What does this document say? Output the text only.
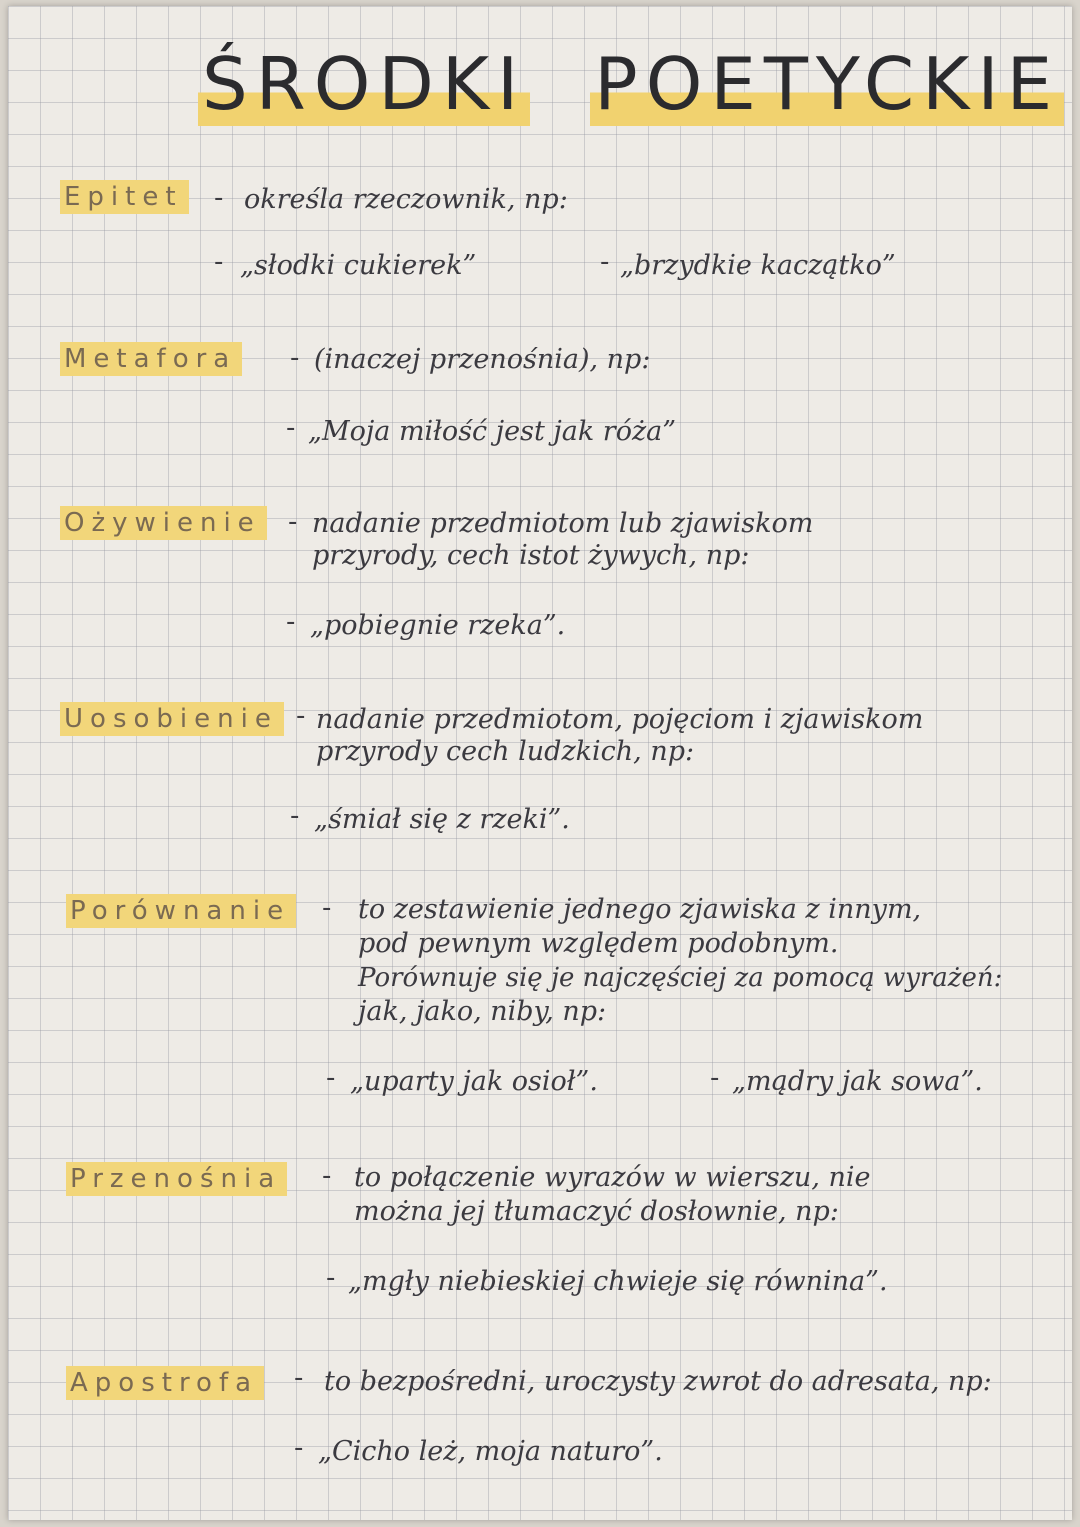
ŚRODKI POETYCKIE
Epitet - określa rzeczownik, np:
- „słodki cukierek”	- „brzydkie kaczątko”
Metafora - (inaczej przenośnia), np:
- „Moja miłość jest jak róża”
Ożywienie - nadanie przedmiotom lub zjawiskom
przyrody, cech istot żywych, np:
- „pobiegnie rzeka”.
Uosobienie - nadanie przedmiotom, pojęciom i zjawiskom
przyrody cech ludzkich, np:
- „śmiał się z rzeki”.
Porównanie - to zestawienie jednego zjawiska z innym,
pod pewnym względem podobnym.
Porównuje się je najczęściej za pomocą wyrażeń:
jak, jako, niby, np:
- „uparty jak osioł”.	- „mądry jak sowa”.
Przenośnia - to połączenie wyrazów w wierszu, nie
można jej tłumaczyć dosłownie, np:
- „mgły niebieskiej chwieje się równina”.
Apostrofa - to bezpośredni, uroczysty zwrot do adresata, np:
- „Cicho leż, moja naturo”.
